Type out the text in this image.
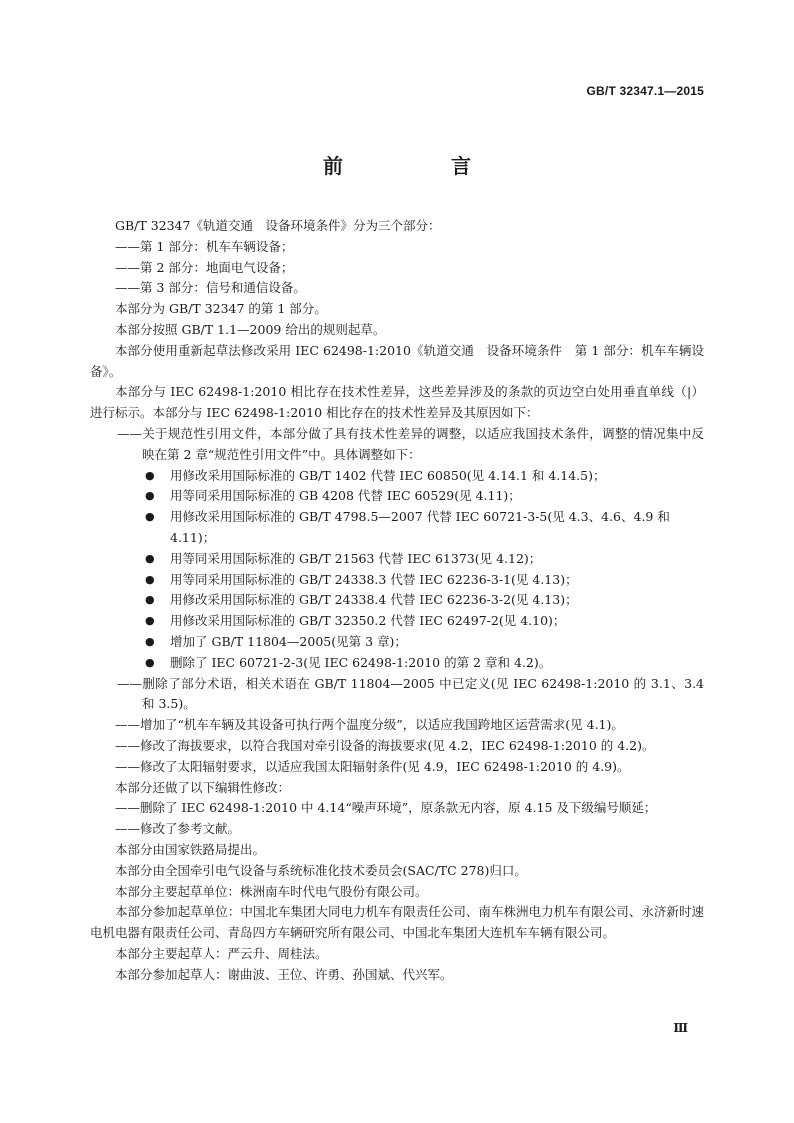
GB/T 32347.1—2015
前　言

GB/T 32347《轨道交通　设备环境条件》分为三个部分：

——第 1 部分：机车车辆设备；

——第 2 部分：地面电气设备；

——第 3 部分：信号和通信设备。

本部分为 GB/T 32347 的第 1 部分。

本部分按照 GB/T 1.1—2009 给出的规则起草。

本部分使用重新起草法修改采用 IEC 62498-1:2010《轨道交通　设备环境条件　第 1 部分：机车车辆设备》。

本部分与 IEC 62498-1:2010 相比存在技术性差异，这些差异涉及的条款的页边空白处用垂直单线（|）进行标示。本部分与 IEC 62498-1:2010 相比存在的技术性差异及其原因如下：

——关于规范性引用文件，本部分做了具有技术性差异的调整，以适应我国技术条件，调整的情况集中反映在第 2 章“规范性引用文件”中。具体调整如下：

● 用修改采用国际标准的 GB/T 1402 代替 IEC 60850(见 4.14.1 和 4.14.5)；

● 用等同采用国际标准的 GB 4208 代替 IEC 60529(见 4.11)；

● 用修改采用国际标准的 GB/T 4798.5—2007 代替 IEC 60721-3-5(见 4.3、4.6、4.9 和 4.11)；

● 用等同采用国际标准的 GB/T 21563 代替 IEC 61373(见 4.12)；

● 用等同采用国际标准的 GB/T 24338.3 代替 IEC 62236-3-1(见 4.13)；

● 用修改采用国际标准的 GB/T 24338.4 代替 IEC 62236-3-2(见 4.13)；

● 用修改采用国际标准的 GB/T 32350.2 代替 IEC 62497-2(见 4.10)；

● 增加了 GB/T 11804—2005(见第 3 章)；

● 删除了 IEC 60721-2-3(见 IEC 62498-1:2010 的第 2 章和 4.2)。

——删除了部分术语，相关术语在 GB/T 11804—2005 中已定义(见 IEC 62498-1:2010 的 3.1、3.4 和 3.5)。

——增加了“机车车辆及其设备可执行两个温度分级”，以适应我国跨地区运营需求(见 4.1)。

——修改了海拔要求，以符合我国对牵引设备的海拔要求(见 4.2，IEC 62498-1:2010 的 4.2)。

——修改了太阳辐射要求，以适应我国太阳辐射条件(见 4.9，IEC 62498-1:2010 的 4.9)。

本部分还做了以下编辑性修改：

——删除了 IEC 62498-1:2010 中 4.14“噪声环境”，原条款无内容，原 4.15 及下级编号顺延；

——修改了参考文献。

本部分由国家铁路局提出。

本部分由全国牵引电气设备与系统标准化技术委员会(SAC/TC 278)归口。

本部分主要起草单位：株洲南车时代电气股份有限公司。

本部分参加起草单位：中国北车集团大同电力机车有限责任公司、南车株洲电力机车有限公司、永济新时速电机电器有限责任公司、青岛四方车辆研究所有限公司、中国北车集团大连机车车辆有限公司。

本部分主要起草人：严云升、周桂法。

本部分参加起草人：谢曲波、王位、许勇、孙国斌、代兴军。

Ⅲ
